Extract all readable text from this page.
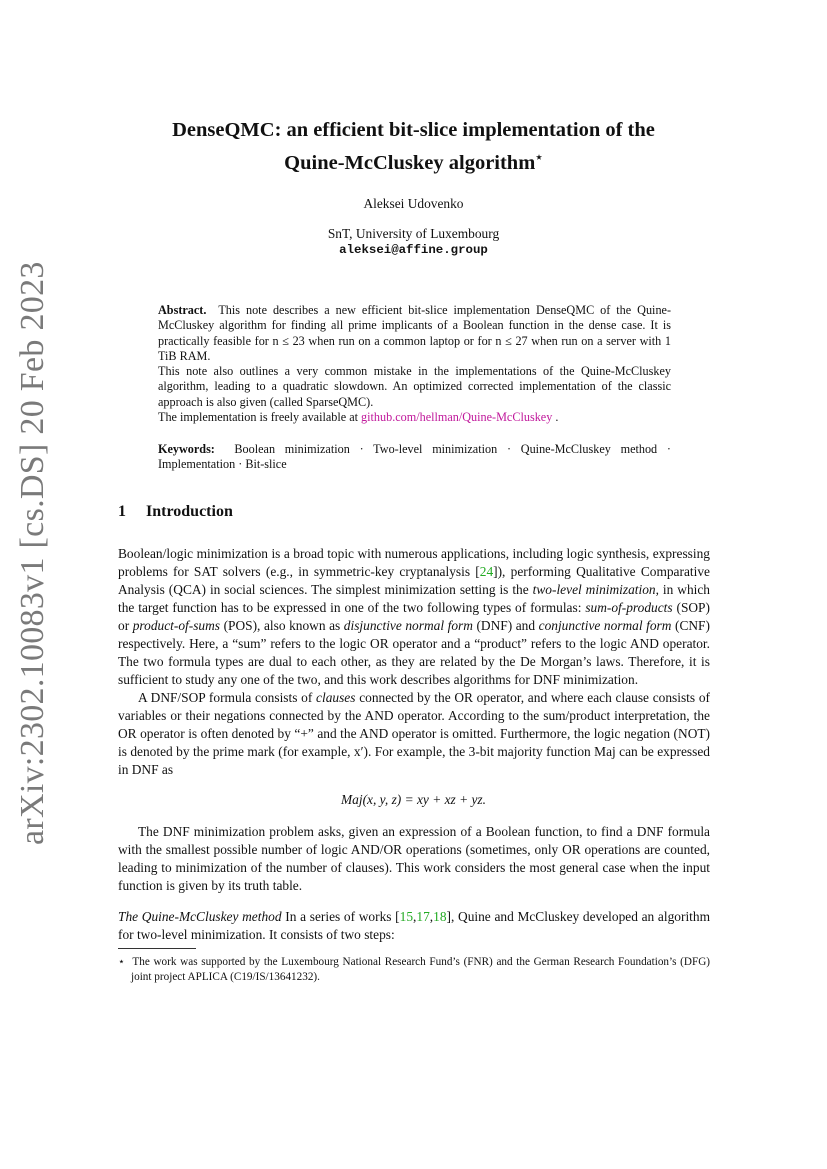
arXiv:2302.10083v1 [cs.DS] 20 Feb 2023
DenseQMC: an efficient bit-slice implementation of the
Quine-McCluskey algorithm⋆
Aleksei Udovenko
SnT, University of Luxembourg
aleksei@affine.group

Abstract. This note describes a new efficient bit-slice implementation DenseQMC of the Quine-McCluskey algorithm for finding all prime implicants of a Boolean function in the dense case. It is practically feasible for n ≤ 23 when run on a common laptop or for n ≤ 27 when run on a server with 1 TiB RAM.

This note also outlines a very common mistake in the implementations of the Quine-McCluskey algorithm, leading to a quadratic slowdown. An optimized corrected implementation of the classic approach is also given (called SparseQMC).

The implementation is freely available at github.com/hellman/Quine-McCluskey .

Keywords: Boolean minimization · Two-level minimization · Quine-McCluskey method · Implementation · Bit-slice

1 Introduction

Boolean/logic minimization is a broad topic with numerous applications, including logic synthesis, expressing problems for SAT solvers (e.g., in symmetric-key cryptanalysis [24]), performing Qualitative Comparative Analysis (QCA) in social sciences. The simplest minimization setting is the two-level minimization, in which the target function has to be expressed in one of the two following types of formulas: sum-of-products (SOP) or product-of-sums (POS), also known as disjunctive normal form (DNF) and conjunctive normal form (CNF) respectively. Here, a “sum” refers to the logic OR operator and a “product” refers to the logic AND operator. The two formula types are dual to each other, as they are related by the De Morgan’s laws. Therefore, it is sufficient to study any one of the two, and this work describes algorithms for DNF minimization.

A DNF/SOP formula consists of clauses connected by the OR operator, and where each clause consists of variables or their negations connected by the AND operator. According to the sum/product interpretation, the OR operator is often denoted by “+” and the AND operator is omitted. Furthermore, the logic negation (NOT) is denoted by the prime mark (for example, x′). For example, the 3-bit majority function Maj can be expressed in DNF as

Maj(x, y, z) = xy + xz + yz.

The DNF minimization problem asks, given an expression of a Boolean function, to find a DNF formula with the smallest possible number of logic AND/OR operations (sometimes, only OR operations are counted, leading to minimization of the number of clauses). This work considers the most general case when the input function is given by its truth table.

The Quine-McCluskey method In a series of works [15,17,18], Quine and McCluskey developed an algorithm for two-level minimization. It consists of two steps:

⋆ The work was supported by the Luxembourg National Research Fund’s (FNR) and the German Research Foundation’s (DFG) joint project APLICA (C19/IS/13641232).
